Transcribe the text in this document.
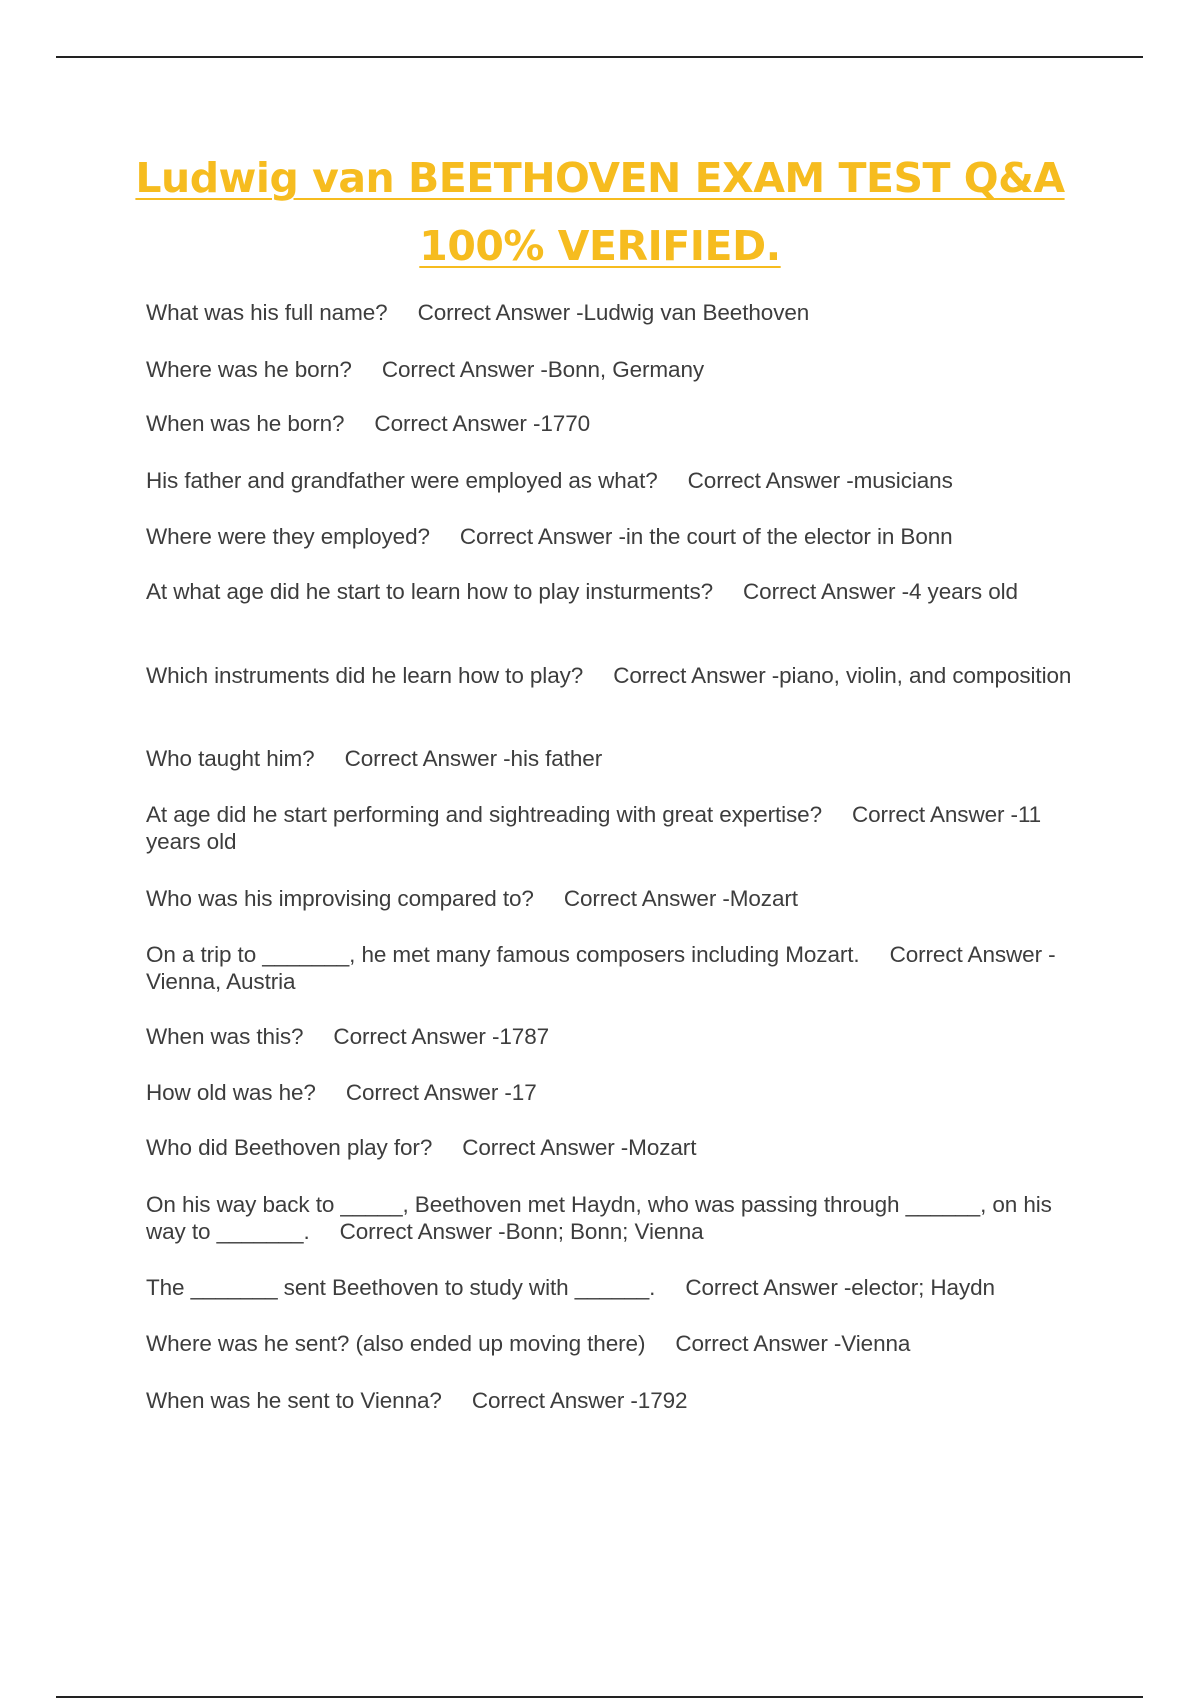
Ludwig van BEETHOVEN EXAM TEST Q&A
100% VERIFIED.
What was his full name? Correct Answer -Ludwig van Beethoven
Where was he born? Correct Answer -Bonn, Germany
When was he born? Correct Answer -1770
His father and grandfather were employed as what? Correct Answer -musicians
Where were they employed? Correct Answer -in the court of the elector in Bonn
At what age did he start to learn how to play insturments? Correct Answer -4 years old
Which instruments did he learn how to play? Correct Answer -piano, violin, and composition
Who taught him? Correct Answer -his father
At age did he start performing and sightreading with great expertise? Correct Answer -11 years old
Who was his improvising compared to? Correct Answer -Mozart
On a trip to _______, he met many famous composers including Mozart. Correct Answer -Vienna, Austria
When was this? Correct Answer -1787
How old was he? Correct Answer -17
Who did Beethoven play for? Correct Answer -Mozart
On his way back to _____, Beethoven met Haydn, who was passing through ______, on his way to _______. Correct Answer -Bonn; Bonn; Vienna
The _______ sent Beethoven to study with ______. Correct Answer -elector; Haydn
Where was he sent? (also ended up moving there) Correct Answer -Vienna
When was he sent to Vienna? Correct Answer -1792
